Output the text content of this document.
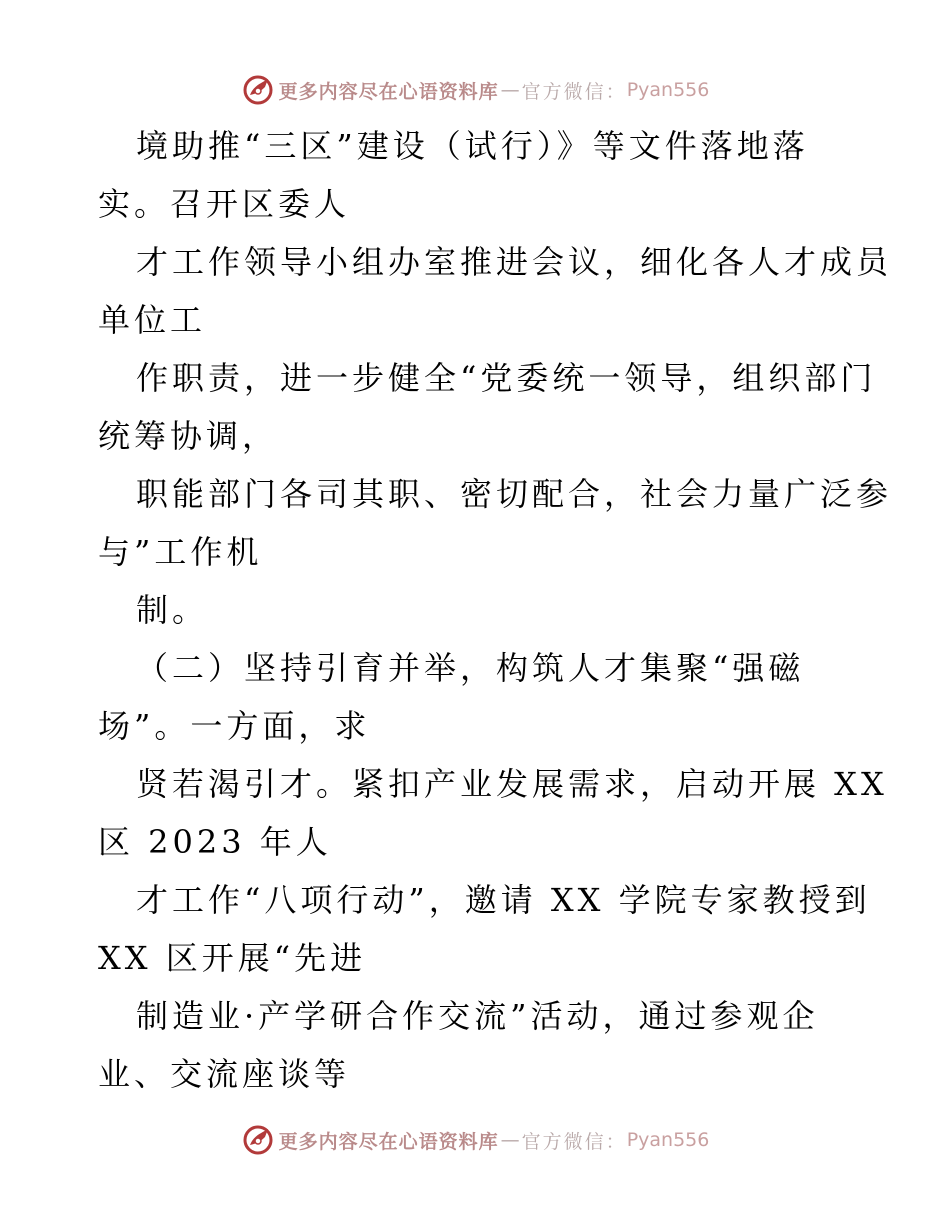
更多内容尽在心语资料库 — 官方微信： Pyan556
境助推“三区”建设（试行）》等文件落地落
实。召开区委人
才工作领导小组办室推进会议，细化各人才成员
单位工
作职责，进一步健全“党委统一领导，组织部门
统筹协调，
职能部门各司其职、密切配合，社会力量广泛参
与”工作机
制。
（二）坚持引育并举，构筑人才集聚“强磁
场”。一方面，求
贤若渴引才。紧扣产业发展需求，启动开展 XX
区 2023 年人
才工作“八项行动”，邀请 XX 学院专家教授到
XX 区开展“先进
制造业·产学研合作交流”活动，通过参观企
业、交流座谈等
更多内容尽在心语资料库 — 官方微信： Pyan556
